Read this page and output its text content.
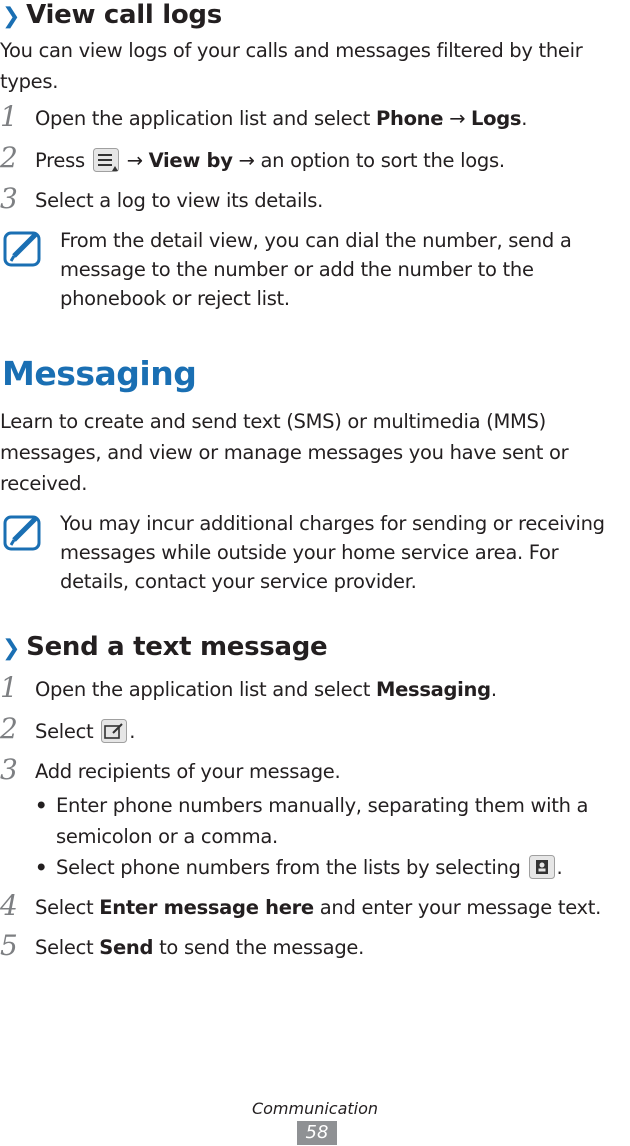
❯ View call logs

You can view logs of your calls and messages filtered by their types.

1 Open the application list and select Phone → Logs.
2 Press → View by → an option to sort the logs.
3 Select a log to view its details.
From the detail view, you can dial the number, send a message to the number or add the number to the phonebook or reject list.
Messaging

Learn to create and send text (SMS) or multimedia (MMS) messages, and view or manage messages you have sent or received.

You may incur additional charges for sending or receiving messages while outside your home service area. For details, contact your service provider.
❯ Send a text message
1 Open the application list and select Messaging.
2 Select .
3 Add recipients of your message.
• Enter phone numbers manually, separating them with a semicolon or a comma.
• Select phone numbers from the lists by selecting .
4 Select Enter message here and enter your message text.
5 Select Send to send the message.
Communication
58
